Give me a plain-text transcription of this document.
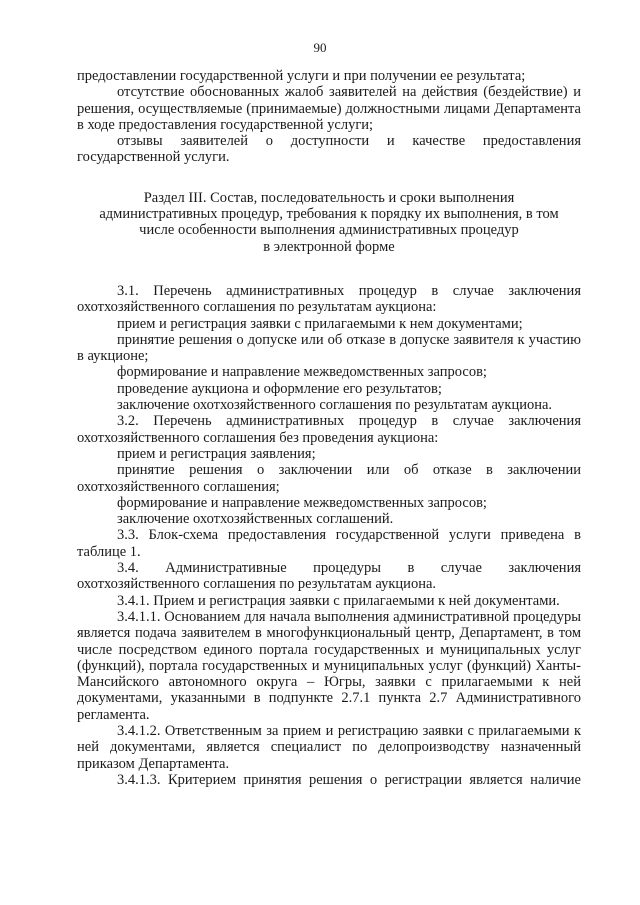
90

предоставлении государственной услуги и при получении ее результата;

отсутствие обоснованных жалоб заявителей на действия (бездействие) и решения, осуществляемые (принимаемые) должностными лицами Департамента в ходе предоставления государственной услуги;

отзывы заявителей о доступности и качестве предоставления государственной услуги.

Раздел III. Состав, последовательность и сроки выполнения
административных процедур, требования к порядку их выполнения, в том
числе особенности выполнения административных процедур
в электронной форме

3.1. Перечень административных процедур в случае заключения охотхозяйственного соглашения по результатам аукциона:

прием и регистрация заявки с прилагаемыми к нем документами;

принятие решения о допуске или об отказе в допуске заявителя к участию в аукционе;

формирование и направление межведомственных запросов;

проведение аукциона и оформление его результатов;

заключение охотхозяйственного соглашения по результатам аукциона.

3.2. Перечень административных процедур в случае заключения охотхозяйственного соглашения без проведения аукциона:

прием и регистрация заявления;

принятие решения о заключении или об отказе в заключении охотхозяйственного соглашения;

формирование и направление межведомственных запросов;

заключение охотхозяйственных соглашений.

3.3. Блок-схема предоставления государственной услуги приведена в таблице 1.

3.4. Административные процедуры в случае заключения охотхозяйственного соглашения по результатам аукциона.

3.4.1. Прием и регистрация заявки с прилагаемыми к ней документами.

3.4.1.1. Основанием для начала выполнения административной процедуры является подача заявителем в многофункциональный центр, Департамент, в том числе посредством единого портала государственных и муниципальных услуг (функций), портала государственных и муниципальных услуг (функций) Ханты-Мансийского автономного округа – Югры, заявки с прилагаемыми к ней документами, указанными в подпункте 2.7.1 пункта 2.7 Административного регламента.

3.4.1.2. Ответственным за прием и регистрацию заявки с прилагаемыми к ней документами, является специалист по делопроизводству назначенный приказом Департамента.

3.4.1.3. Критерием принятия решения о регистрации является наличие
